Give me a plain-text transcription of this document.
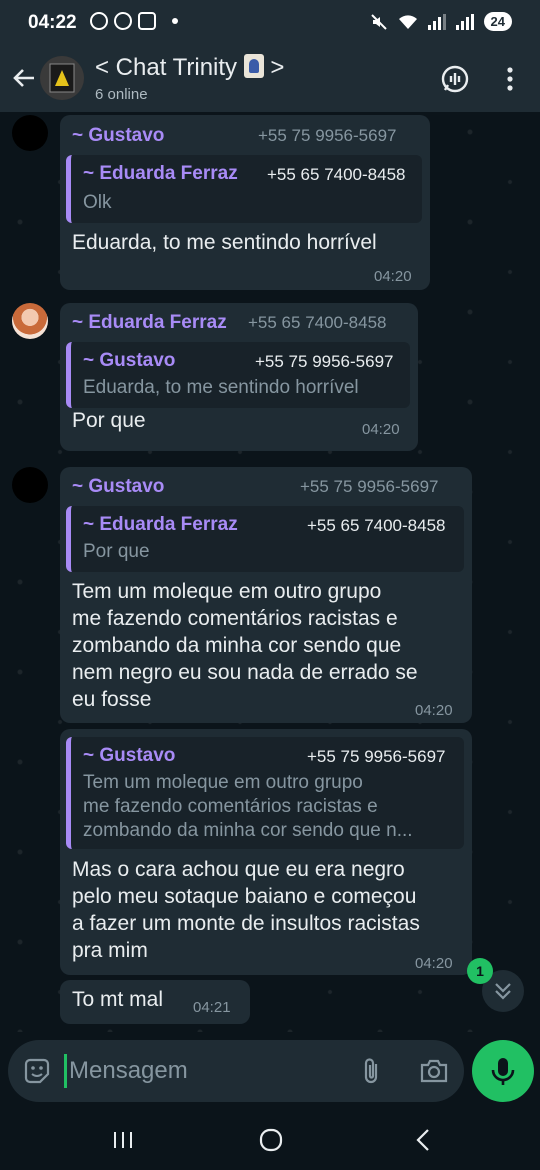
04:22	24
< Chat Trinity >
6 online
~ Gustavo	+55 75 9956-5697
~ Eduarda Ferraz +55 65 7400-8458
Olk
Eduarda, to me sentindo horrível
04:20
~ Eduarda Ferraz +55 65 7400-8458
~ Gustavo	+55 75 9956-5697
Eduarda, to me sentindo horrível
Por que	04:20
~ Gustavo	+55 75 9956-5697
~ Eduarda Ferraz	+55 65 7400-8458
Por que
Tem um moleque em outro grupo
me fazendo comentários racistas e
zombando da minha cor sendo que
nem negro eu sou nada de errado se
eu fosse	04:20
~ Gustavo	+55 75 9956-5697
Tem um moleque em outro grupo
me fazendo comentários racistas e
zombando da minha cor sendo que n...
Mas o cara achou que eu era negro
pelo meu sotaque baiano e começou
a fazer um monte de insultos racistas
pra mim
04:20
To mt mal 04:21
1
Mensagem
